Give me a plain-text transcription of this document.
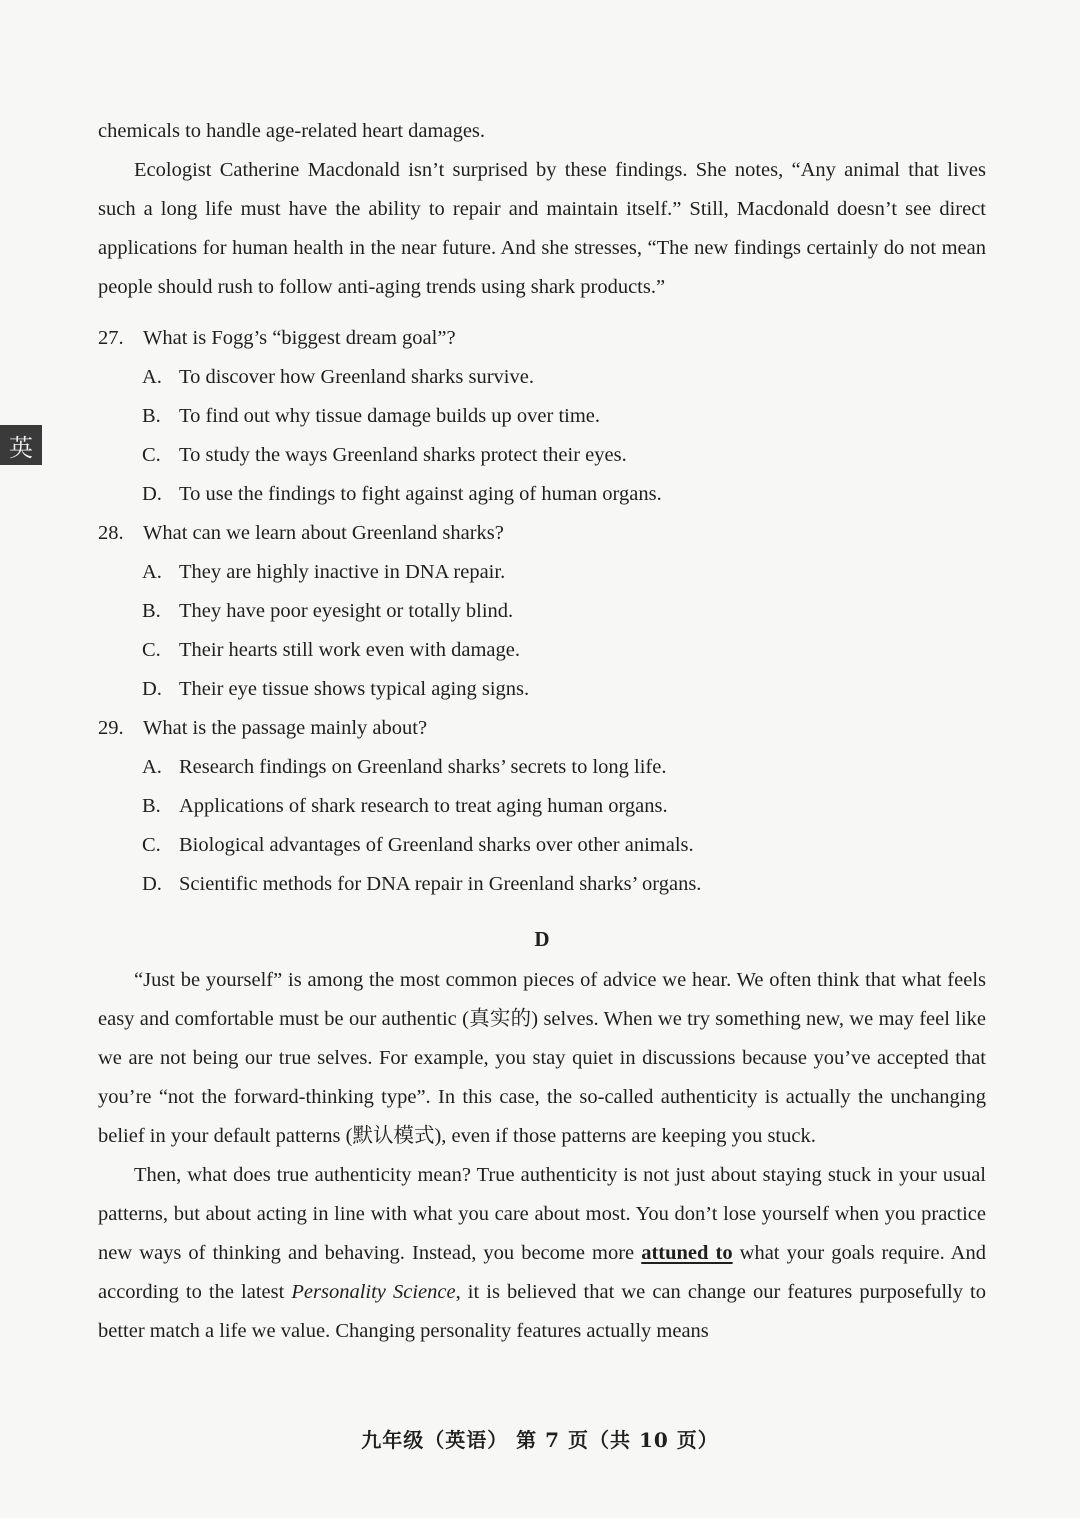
英

chemicals to handle age-related heart damages.

Ecologist Catherine Macdonald isn’t surprised by these findings. She notes, “Any animal that lives such a long life must have the ability to repair and maintain itself.” Still, Macdonald doesn’t see direct applications for human health in the near future. And she stresses, “The new findings certainly do not mean people should rush to follow anti-aging trends using shark products.”

27. What is Fogg’s “biggest dream goal”?
A. To discover how Greenland sharks survive.
B. To find out why tissue damage builds up over time.
C. To study the ways Greenland sharks protect their eyes.
D. To use the findings to fight against aging of human organs.
28. What can we learn about Greenland sharks?
A. They are highly inactive in DNA repair.
B. They have poor eyesight or totally blind.
C. Their hearts still work even with damage.
D. Their eye tissue shows typical aging signs.
29. What is the passage mainly about?
A. Research findings on Greenland sharks’ secrets to long life.
B. Applications of shark research to treat aging human organs.
C. Biological advantages of Greenland sharks over other animals.
D. Scientific methods for DNA repair in Greenland sharks’ organs.
D

“Just be yourself” is among the most common pieces of advice we hear. We often think that what feels easy and comfortable must be our authentic (真实的) selves. When we try something new, we may feel like we are not being our true selves. For example, you stay quiet in discussions because you’ve accepted that you’re “not the forward-thinking type”. In this case, the so-called authenticity is actually the unchanging belief in your default patterns (默认模式), even if those patterns are keeping you stuck.

Then, what does true authenticity mean? True authenticity is not just about staying stuck in your usual patterns, but about acting in line with what you care about most. You don’t lose yourself when you practice new ways of thinking and behaving. Instead, you become more attuned to what your goals require. And according to the latest Personality Science, it is believed that we can change our features purposefully to better match a life we value. Changing personality features actually means

九年级（英语） 第 7 页（共 10 页）
